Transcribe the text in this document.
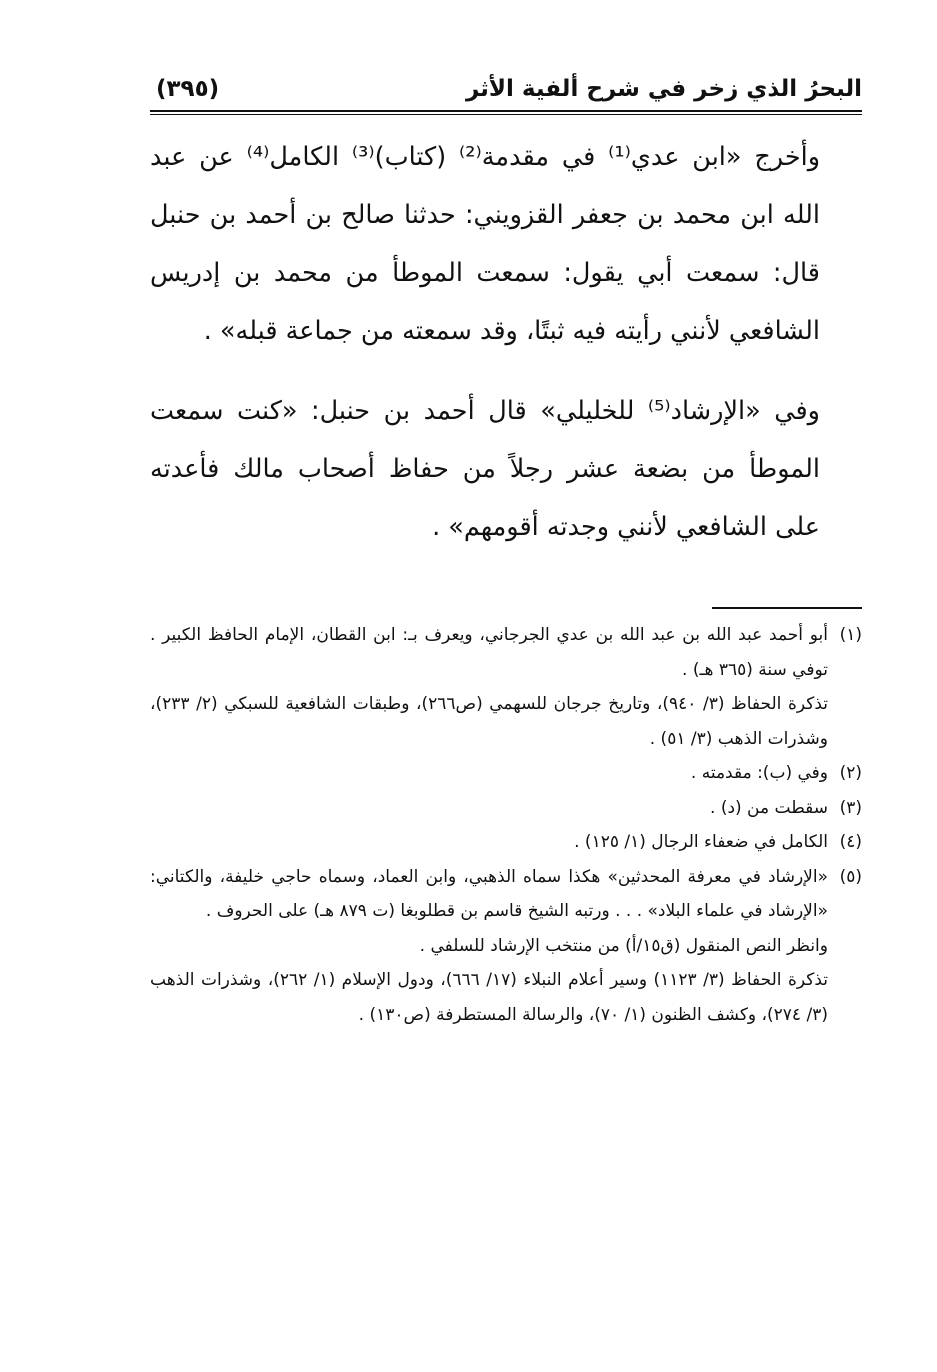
البحرُ الذي زخر في شرح ألفية الأثر
(٣٩٥)

وأخرج «ابن عدي⁽¹⁾ في مقدمة⁽²⁾ (كتاب)⁽³⁾ الكامل⁽⁴⁾ عن عبد الله ابن محمد بن جعفر القزويني: حدثنا صالح بن أحمد بن حنبل قال: سمعت أبي يقول: سمعت الموطأ من محمد بن إدريس الشافعي لأنني رأيته فيه ثبتًا، وقد سمعته من جماعة قبله» .

وفي «الإرشاد⁽⁵⁾ للخليلي» قال أحمد بن حنبل: «كنت سمعت الموطأ من بضعة عشر رجلاً من حفاظ أصحاب مالك فأعدته على الشافعي لأنني وجدته أقومهم» .

(١)
أبو أحمد عبد الله بن عبد الله بن عدي الجرجاني، ويعرف بـ: ابن القطان، الإمام الحافظ الكبير . توفي سنة (٣٦٥ هـ) .
تذكرة الحفاظ (٣/ ٩٤٠)، وتاريخ جرجان للسهمي (ص٢٦٦)، وطبقات الشافعية للسبكي (٢/ ٢٣٣)، وشذرات الذهب (٣/ ٥١) .
(٢)
وفي (ب): مقدمته .
(٣)
سقطت من (د) .
(٤)
الكامل في ضعفاء الرجال (١/ ١٢٥) .
(٥)
«الإرشاد في معرفة المحدثين» هكذا سماه الذهبي، وابن العماد، وسماه حاجي خليفة، والكتاني: «الإرشاد في علماء البلاد» . . . ورتبه الشيخ قاسم بن قطلوبغا (ت ٨٧٩ هـ) على الحروف .
وانظر النص المنقول (ق١٥/أ) من منتخب الإرشاد للسلفي .
تذكرة الحفاظ (٣/ ١١٢٣) وسير أعلام النبلاء (١٧/ ٦٦٦)، ودول الإسلام (١/ ٢٦٢)، وشذرات الذهب (٣/ ٢٧٤)، وكشف الظنون (١/ ٧٠)، والرسالة المستطرفة (ص١٣٠) .
